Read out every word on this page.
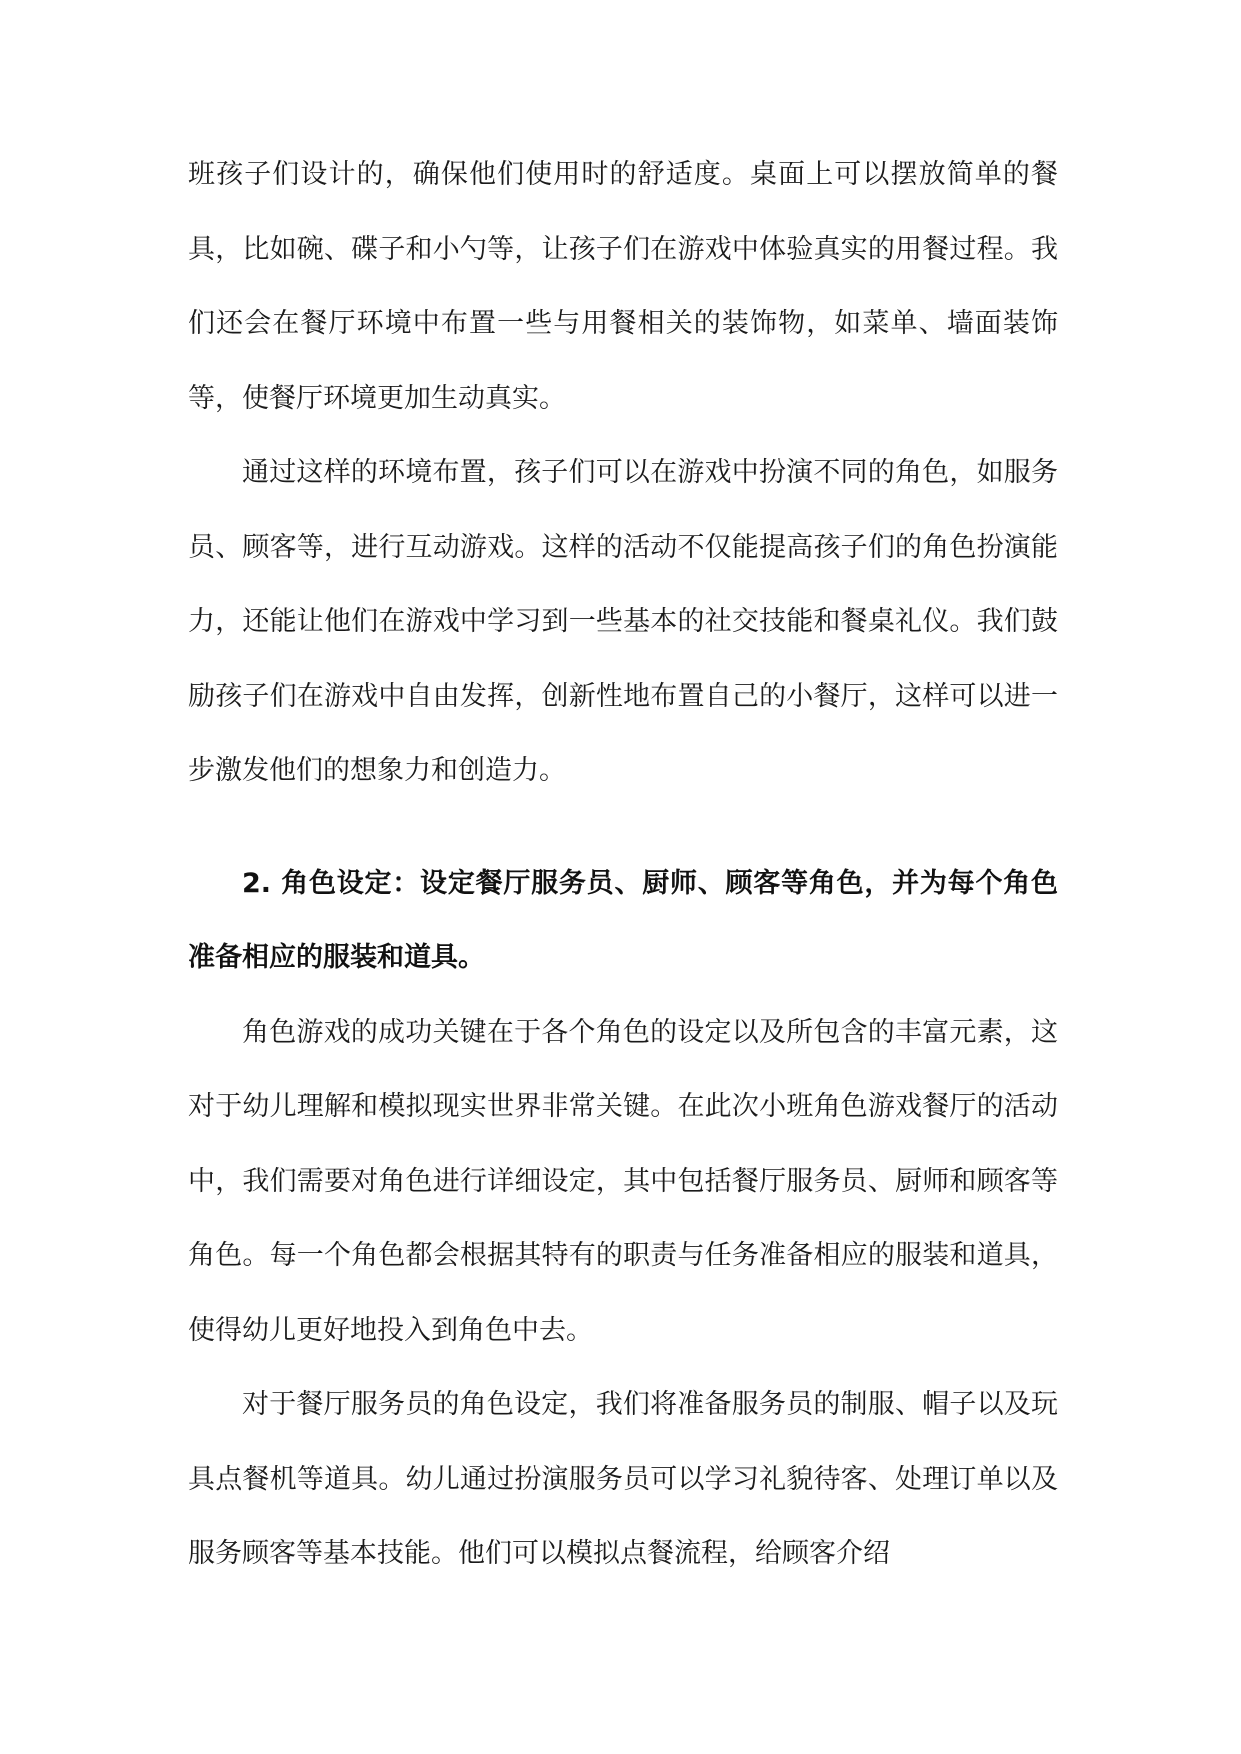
班孩子们设计的，确保他们使用时的舒适度。桌面上可以摆放简单的餐具，比如碗、碟子和小勺等，让孩子们在游戏中体验真实的用餐过程。我们还会在餐厅环境中布置一些与用餐相关的装饰物，如菜单、墙面装饰等，使餐厅环境更加生动真实。

通过这样的环境布置，孩子们可以在游戏中扮演不同的角色，如服务员、顾客等，进行互动游戏。这样的活动不仅能提高孩子们的角色扮演能力，还能让他们在游戏中学习到一些基本的社交技能和餐桌礼仪。我们鼓励孩子们在游戏中自由发挥，创新性地布置自己的小餐厅，这样可以进一步激发他们的想象力和创造力。

2. 角色设定：设定餐厅服务员、厨师、顾客等角色，并为每个角色准备相应的服装和道具。

角色游戏的成功关键在于各个角色的设定以及所包含的丰富元素，这对于幼儿理解和模拟现实世界非常关键。在此次小班角色游戏餐厅的活动中，我们需要对角色进行详细设定，其中包括餐厅服务员、厨师和顾客等角色。每一个角色都会根据其特有的职责与任务准备相应的服装和道具，使得幼儿更好地投入到角色中去。

对于餐厅服务员的角色设定，我们将准备服务员的制服、帽子以及玩具点餐机等道具。幼儿通过扮演服务员可以学习礼貌待客、处理订单以及服务顾客等基本技能。他们可以模拟点餐流程，给顾客介绍
